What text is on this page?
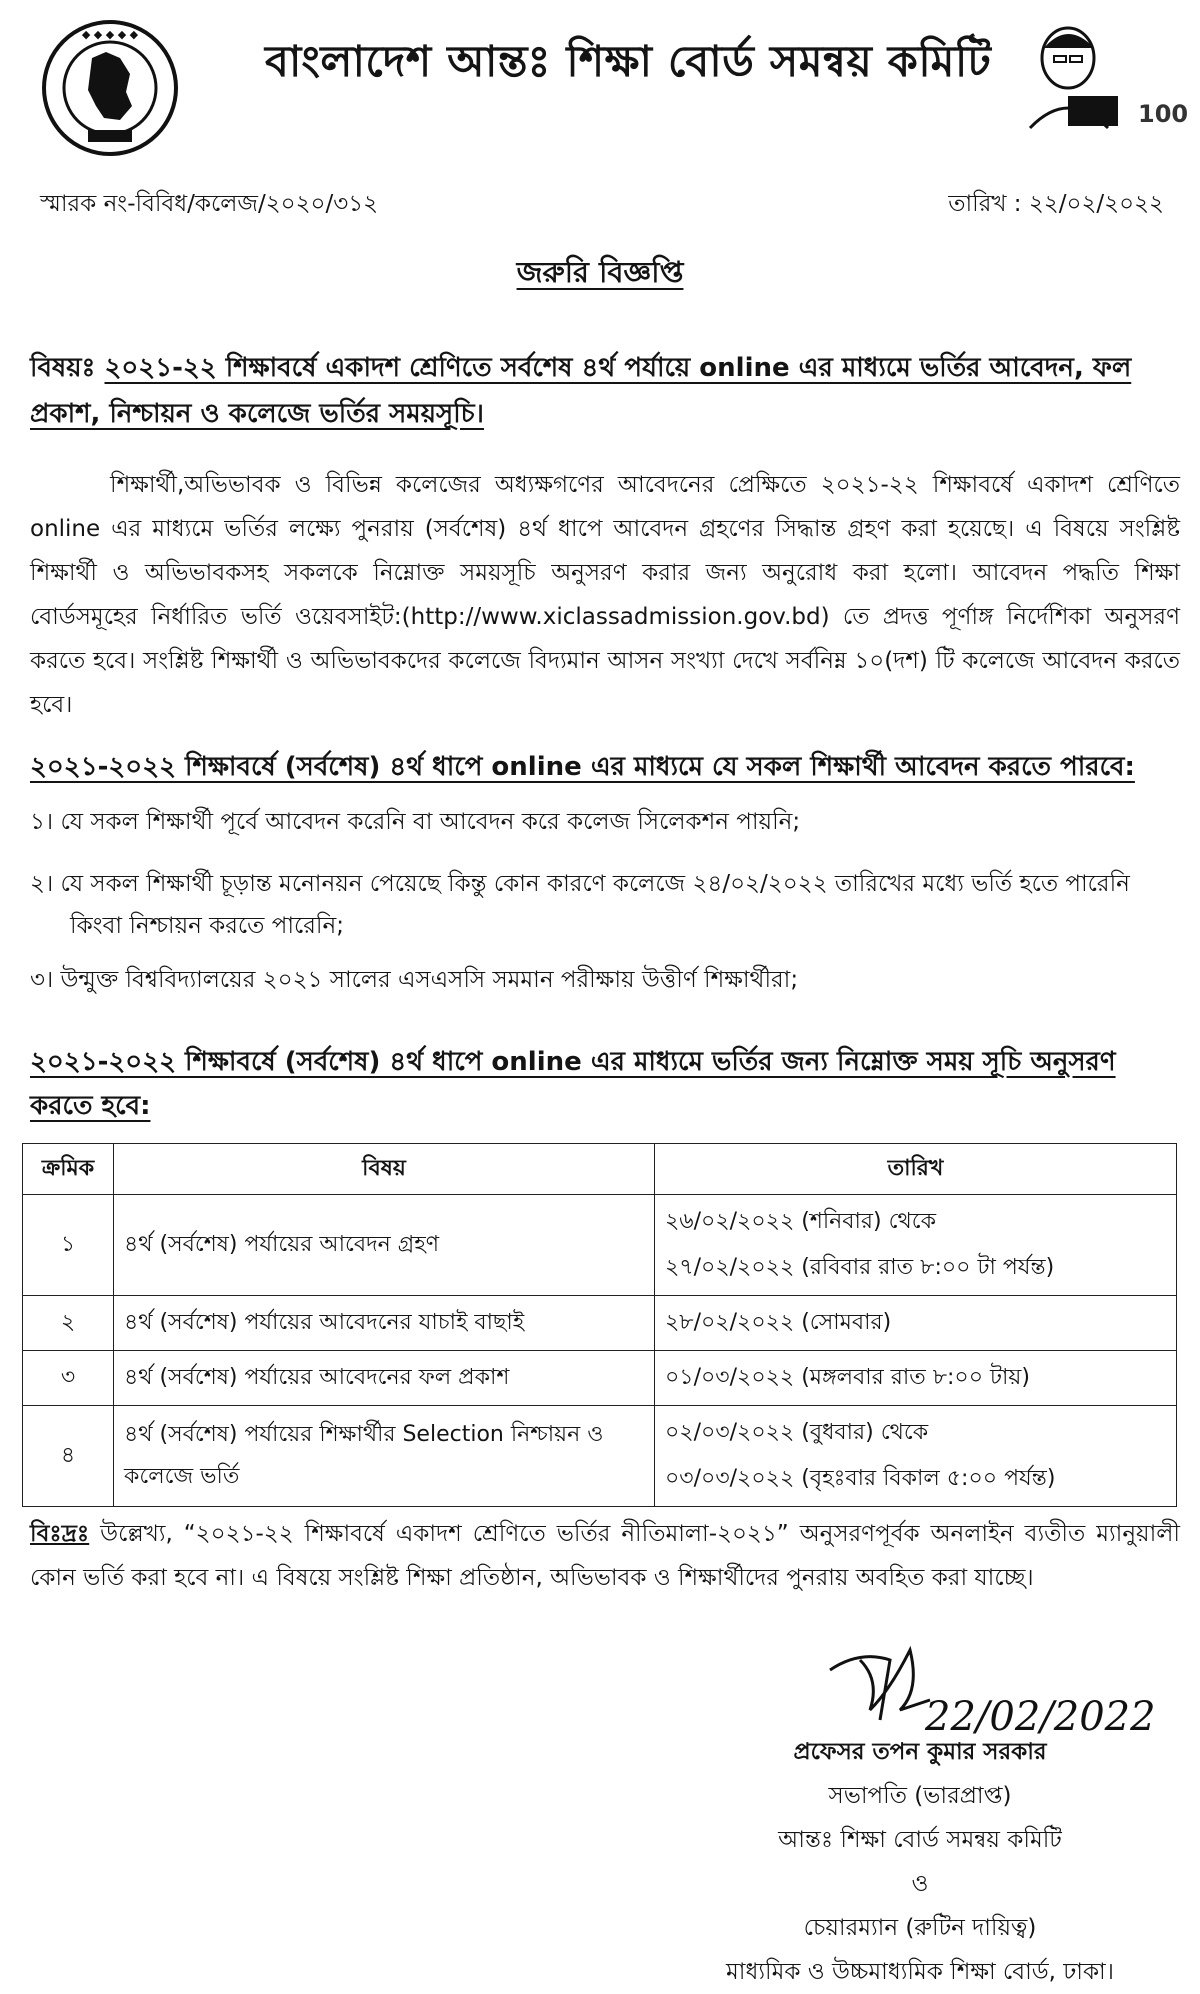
◆ ◆ ◆ ◆ ◆
বাংলাদেশ আন্তঃ শিক্ষা বোর্ড সমন্বয় কমিটি
100
স্মারক নং-বিবিধ/কলেজ/২০২০/৩১২	তারিখ : ২২/০২/২০২২
জরুরি বিজ্ঞপ্তি
বিষয়ঃ ২০২১-২২ শিক্ষাবর্ষে একাদশ শ্রেণিতে সর্বশেষ ৪র্থ পর্যায়ে online এর মাধ্যমে ভর্তির আবেদন, ফল প্রকাশ, নিশ্চায়ন ও কলেজে ভর্তির সময়সূচি।
শিক্ষার্থী,অভিভাবক ও বিভিন্ন কলেজের অধ্যক্ষগণের আবেদনের প্রেক্ষিতে ২০২১-২২ শিক্ষাবর্ষে একাদশ শ্রেণিতে online এর মাধ্যমে ভর্তির লক্ষ্যে পুনরায় (সর্বশেষ) ৪র্থ ধাপে আবেদন গ্রহণের সিদ্ধান্ত গ্রহণ করা হয়েছে। এ বিষয়ে সংশ্লিষ্ট শিক্ষার্থী ও অভিভাবকসহ সকলকে নিম্নোক্ত সময়সূচি অনুসরণ করার জন্য অনুরোধ করা হলো। আবেদন পদ্ধতি শিক্ষা বোর্ডসমূহের নির্ধারিত ভর্তি ওয়েবসাইট:(http://www.xiclassadmission.gov.bd) তে প্রদত্ত পূর্ণাঙ্গ নির্দেশিকা অনুসরণ করতে হবে। সংশ্লিষ্ট শিক্ষার্থী ও অভিভাবকদের কলেজে বিদ্যমান আসন সংখ্যা দেখে সর্বনিম্ন ১০(দশ) টি কলেজে আবেদন করতে হবে।
২০২১-২০২২ শিক্ষাবর্ষে (সর্বশেষ) ৪র্থ ধাপে online এর মাধ্যমে যে সকল শিক্ষার্থী আবেদন করতে পারবে:
১। যে সকল শিক্ষার্থী পূর্বে আবেদন করেনি বা আবেদন করে কলেজ সিলেকশন পায়নি;
২। যে সকল শিক্ষার্থী চূড়ান্ত মনোনয়ন পেয়েছে কিন্তু কোন কারণে কলেজে ২৪/০২/২০২২ তারিখের মধ্যে ভর্তি হতে পারেনি
কিংবা নিশ্চায়ন করতে পারেনি;
৩। উন্মুক্ত বিশ্ববিদ্যালয়ের ২০২১ সালের এসএসসি সমমান পরীক্ষায় উত্তীর্ণ শিক্ষার্থীরা;
২০২১-২০২২ শিক্ষাবর্ষে (সর্বশেষ) ৪র্থ ধাপে online এর মাধ্যমে ভর্তির জন্য নিম্নোক্ত সময় সূচি অনুসরণ করতে হবে:
ক্রমিক	বিষয়	তারিখ
১	৪র্থ (সর্বশেষ) পর্যায়ের আবেদন গ্রহণ	২৬/০২/২০২২ (শনিবার) থেকে
২৭/০২/২০২২ (রবিবার রাত ৮:০০ টা পর্যন্ত)

২	৪র্থ (সর্বশেষ) পর্যায়ের আবেদনের যাচাই বাছাই	২৮/০২/২০২২ (সোমবার)

৩	৪র্থ (সর্বশেষ) পর্যায়ের আবেদনের ফল প্রকাশ	০১/০৩/২০২২ (মঙ্গলবার রাত ৮:০০ টায়)

৪	৪র্থ (সর্বশেষ) পর্যায়ের শিক্ষার্থীর Selection নিশ্চায়ন ও কলেজে ভর্তি	০২/০৩/২০২২ (বুধবার) থেকে
০৩/০৩/২০২২ (বৃহঃবার বিকাল ৫:০০ পর্যন্ত)
বিঃদ্রঃ উল্লেখ্য, “২০২১-২২ শিক্ষাবর্ষে একাদশ শ্রেণিতে ভর্তির নীতিমালা-২০২১” অনুসরণপূর্বক অনলাইন ব্যতীত ম্যানুয়ালী কোন ভর্তি করা হবে না। এ বিষয়ে সংশ্লিষ্ট শিক্ষা প্রতিষ্ঠান, অভিভাবক ও শিক্ষার্থীদের পুনরায় অবহিত করা যাচ্ছে।
22/02/2022
প্রফেসর তপন কুমার সরকার
সভাপতি (ভারপ্রাপ্ত)
আন্তঃ শিক্ষা বোর্ড সমন্বয় কমিটি
ও
চেয়ারম্যান (রুটিন দায়িত্ব)
মাধ্যমিক ও উচ্চমাধ্যমিক শিক্ষা বোর্ড, ঢাকা।
